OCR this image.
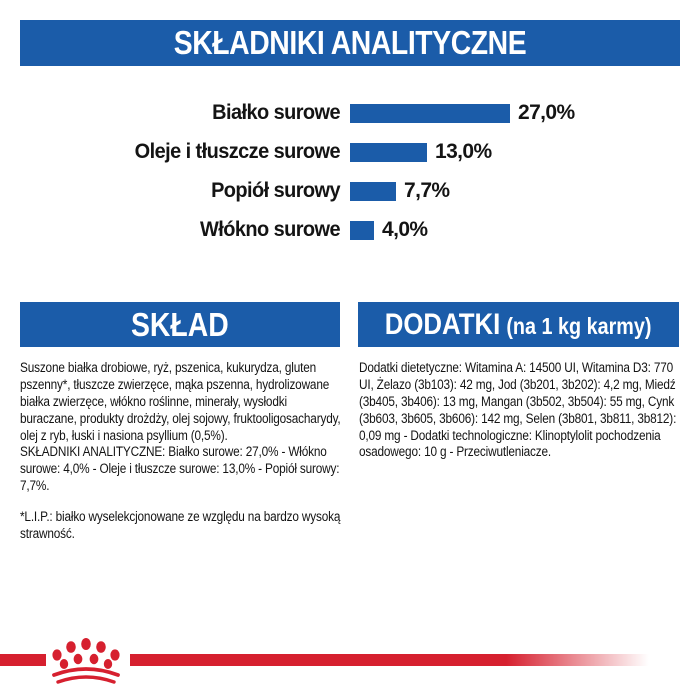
SKŁADNIKI ANALITYCZNE
Białko surowe	27,0%
Oleje i tłuszcze surowe	13,0%
Popiół surowy	7,7%
Włókno surowe 4,0%
SKŁAD	DODATKI (na 1 kg karmy)

Suszone białka drobiowe, ryż, pszenica, kukurydza, gluten pszenny*, tłuszcze zwierzęce, mąka pszenna, hydrolizowane białka zwierzęce, włókno roślinne, minerały, wysłodki buraczane, produkty drożdży, olej sojowy, fruktooligosacharydy, olej z ryb, łuski i nasiona psyllium (0,5%).

SKŁADNIKI ANALITYCZNE: Białko surowe: 27,0% - Włókno surowe: 4,0% - Oleje i tłuszcze surowe: 13,0% - Popiół surowy: 7,7%.

*L.I.P.: białko wyselekcjonowane ze względu na bardzo wysoką strawność.

Dodatki dietetyczne: Witamina A: 14500 UI, Witamina D3: 770 UI, Żelazo (3b103): 42 mg, Jod (3b201, 3b202): 4,2 mg, Miedź (3b405, 3b406): 13 mg, Mangan (3b502, 3b504): 55 mg, Cynk (3b603, 3b605, 3b606): 142 mg, Selen (3b801, 3b811, 3b812): 0,09 mg - Dodatki technologiczne: Klinoptylolit pochodzenia osadowego: 10 g - Przeciwutleniacze.
